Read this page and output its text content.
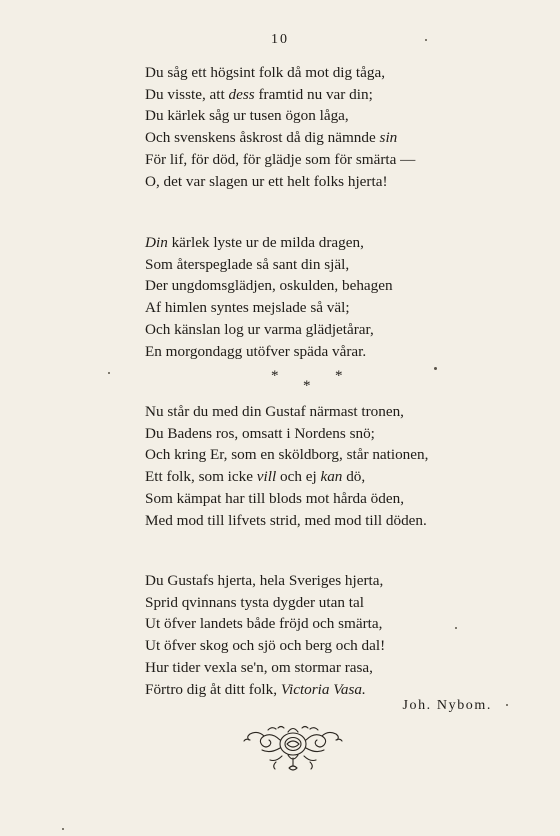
10
Du såg ett högsint folk då mot dig tåga,
Du visste, att dess framtid nu var din;
Du kärlek såg ur tusen ögon låga,
Och svenskens åskrost då dig nämnde sin
För lif, för död, för glädje som för smärta —
O, det var slagen ur ett helt folks hjerta!
Din kärlek lyste ur de milda dragen,
Som återspeglade så sant din själ,
Der ungdomsglädjen, oskulden, behagen
Af himlen syntes mejslade så väl;
Och känslan log ur varma glädjetårar,
En morgondagg utöfver späda vårar.
*	*
*
Nu står du med din Gustaf närmast tronen,
Du Badens ros, omsatt i Nordens snö;
Och kring Er, som en sköldborg, står nationen,
Ett folk, som icke vill och ej kan dö,
Som kämpat har till blods mot hårda öden,
Med mod till lifvets strid, med mod till döden.
Du Gustafs hjerta, hela Sveriges hjerta,
Sprid qvinnans tysta dygder utan tal
Ut öfver landets både fröjd och smärta,
Ut öfver skog och sjö och berg och dal!
Hur tider vexla se'n, om stormar rasa,
Förtro dig åt ditt folk, Victoria Vasa.
Joh. Nybom.
